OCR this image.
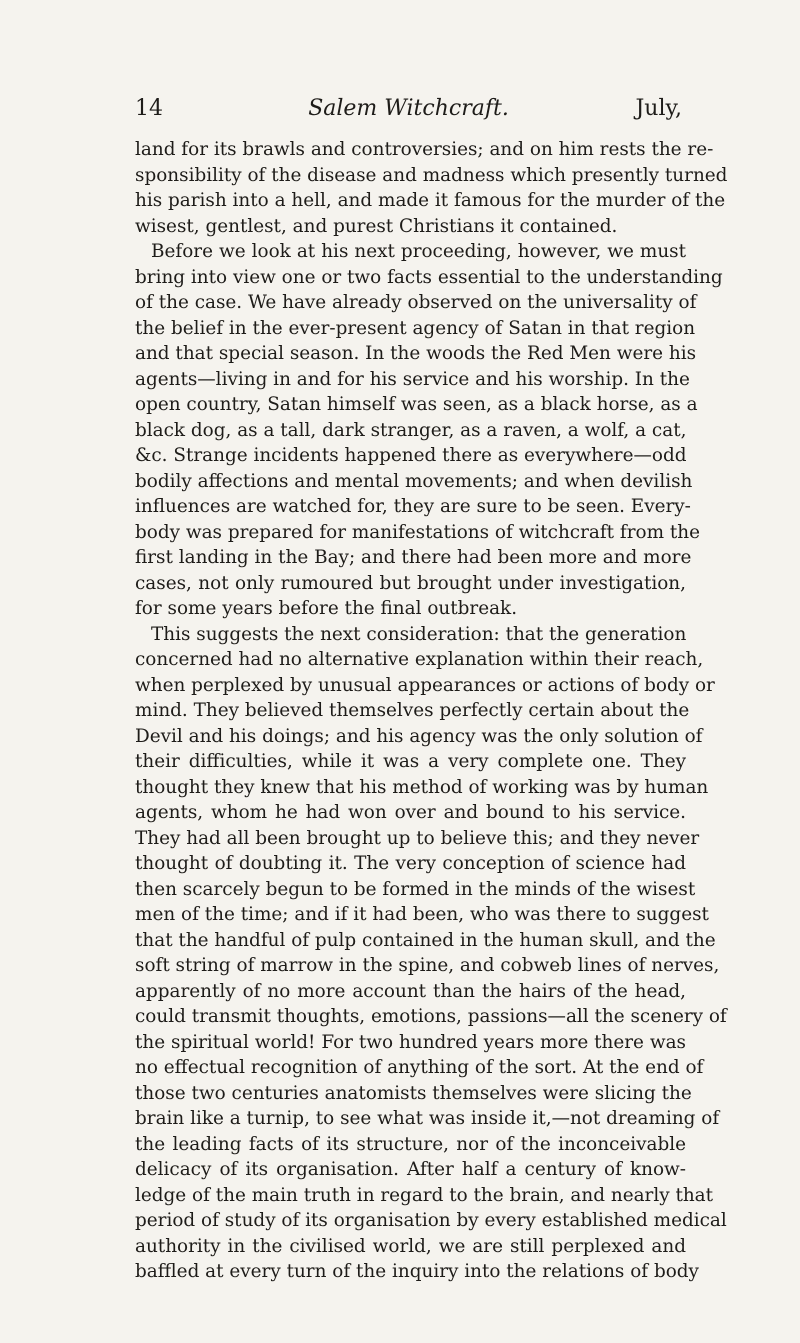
14	Salem Witchcraft.	July,
land for its brawls and controversies; and on him rests the re-
sponsibility of the disease and madness which presently turned
his parish into a hell, and made it famous for the murder of the
wisest, gentlest, and purest Christians it contained.
Before we look at his next proceeding, however, we must
bring into view one or two facts essential to the understanding
of the case. We have already observed on the universality of
the belief in the ever-present agency of Satan in that region
and that special season. In the woods the Red Men were his
agents—living in and for his service and his worship. In the
open country, Satan himself was seen, as a black horse, as a
black dog, as a tall, dark stranger, as a raven, a wolf, a cat,
&c. Strange incidents happened there as everywhere—odd
bodily affections and mental movements; and when devilish
influences are watched for, they are sure to be seen. Every-
body was prepared for manifestations of witchcraft from the
first landing in the Bay; and there had been more and more
cases, not only rumoured but brought under investigation,
for some years before the final outbreak.
This suggests the next consideration: that the generation
concerned had no alternative explanation within their reach,
when perplexed by unusual appearances or actions of body or
mind. They believed themselves perfectly certain about the
Devil and his doings; and his agency was the only solution of
their difficulties, while it was a very complete one. They
thought they knew that his method of working was by human
agents, whom he had won over and bound to his service.
They had all been brought up to believe this; and they never
thought of doubting it. The very conception of science had
then scarcely begun to be formed in the minds of the wisest
men of the time; and if it had been, who was there to suggest
that the handful of pulp contained in the human skull, and the
soft string of marrow in the spine, and cobweb lines of nerves,
apparently of no more account than the hairs of the head,
could transmit thoughts, emotions, passions—all the scenery of
the spiritual world! For two hundred years more there was
no effectual recognition of anything of the sort. At the end of
those two centuries anatomists themselves were slicing the
brain like a turnip, to see what was inside it,—not dreaming of
the leading facts of its structure, nor of the inconceivable
delicacy of its organisation. After half a century of know-
ledge of the main truth in regard to the brain, and nearly that
period of study of its organisation by every established medical
authority in the civilised world, we are still perplexed and
baffled at every turn of the inquiry into the relations of body
